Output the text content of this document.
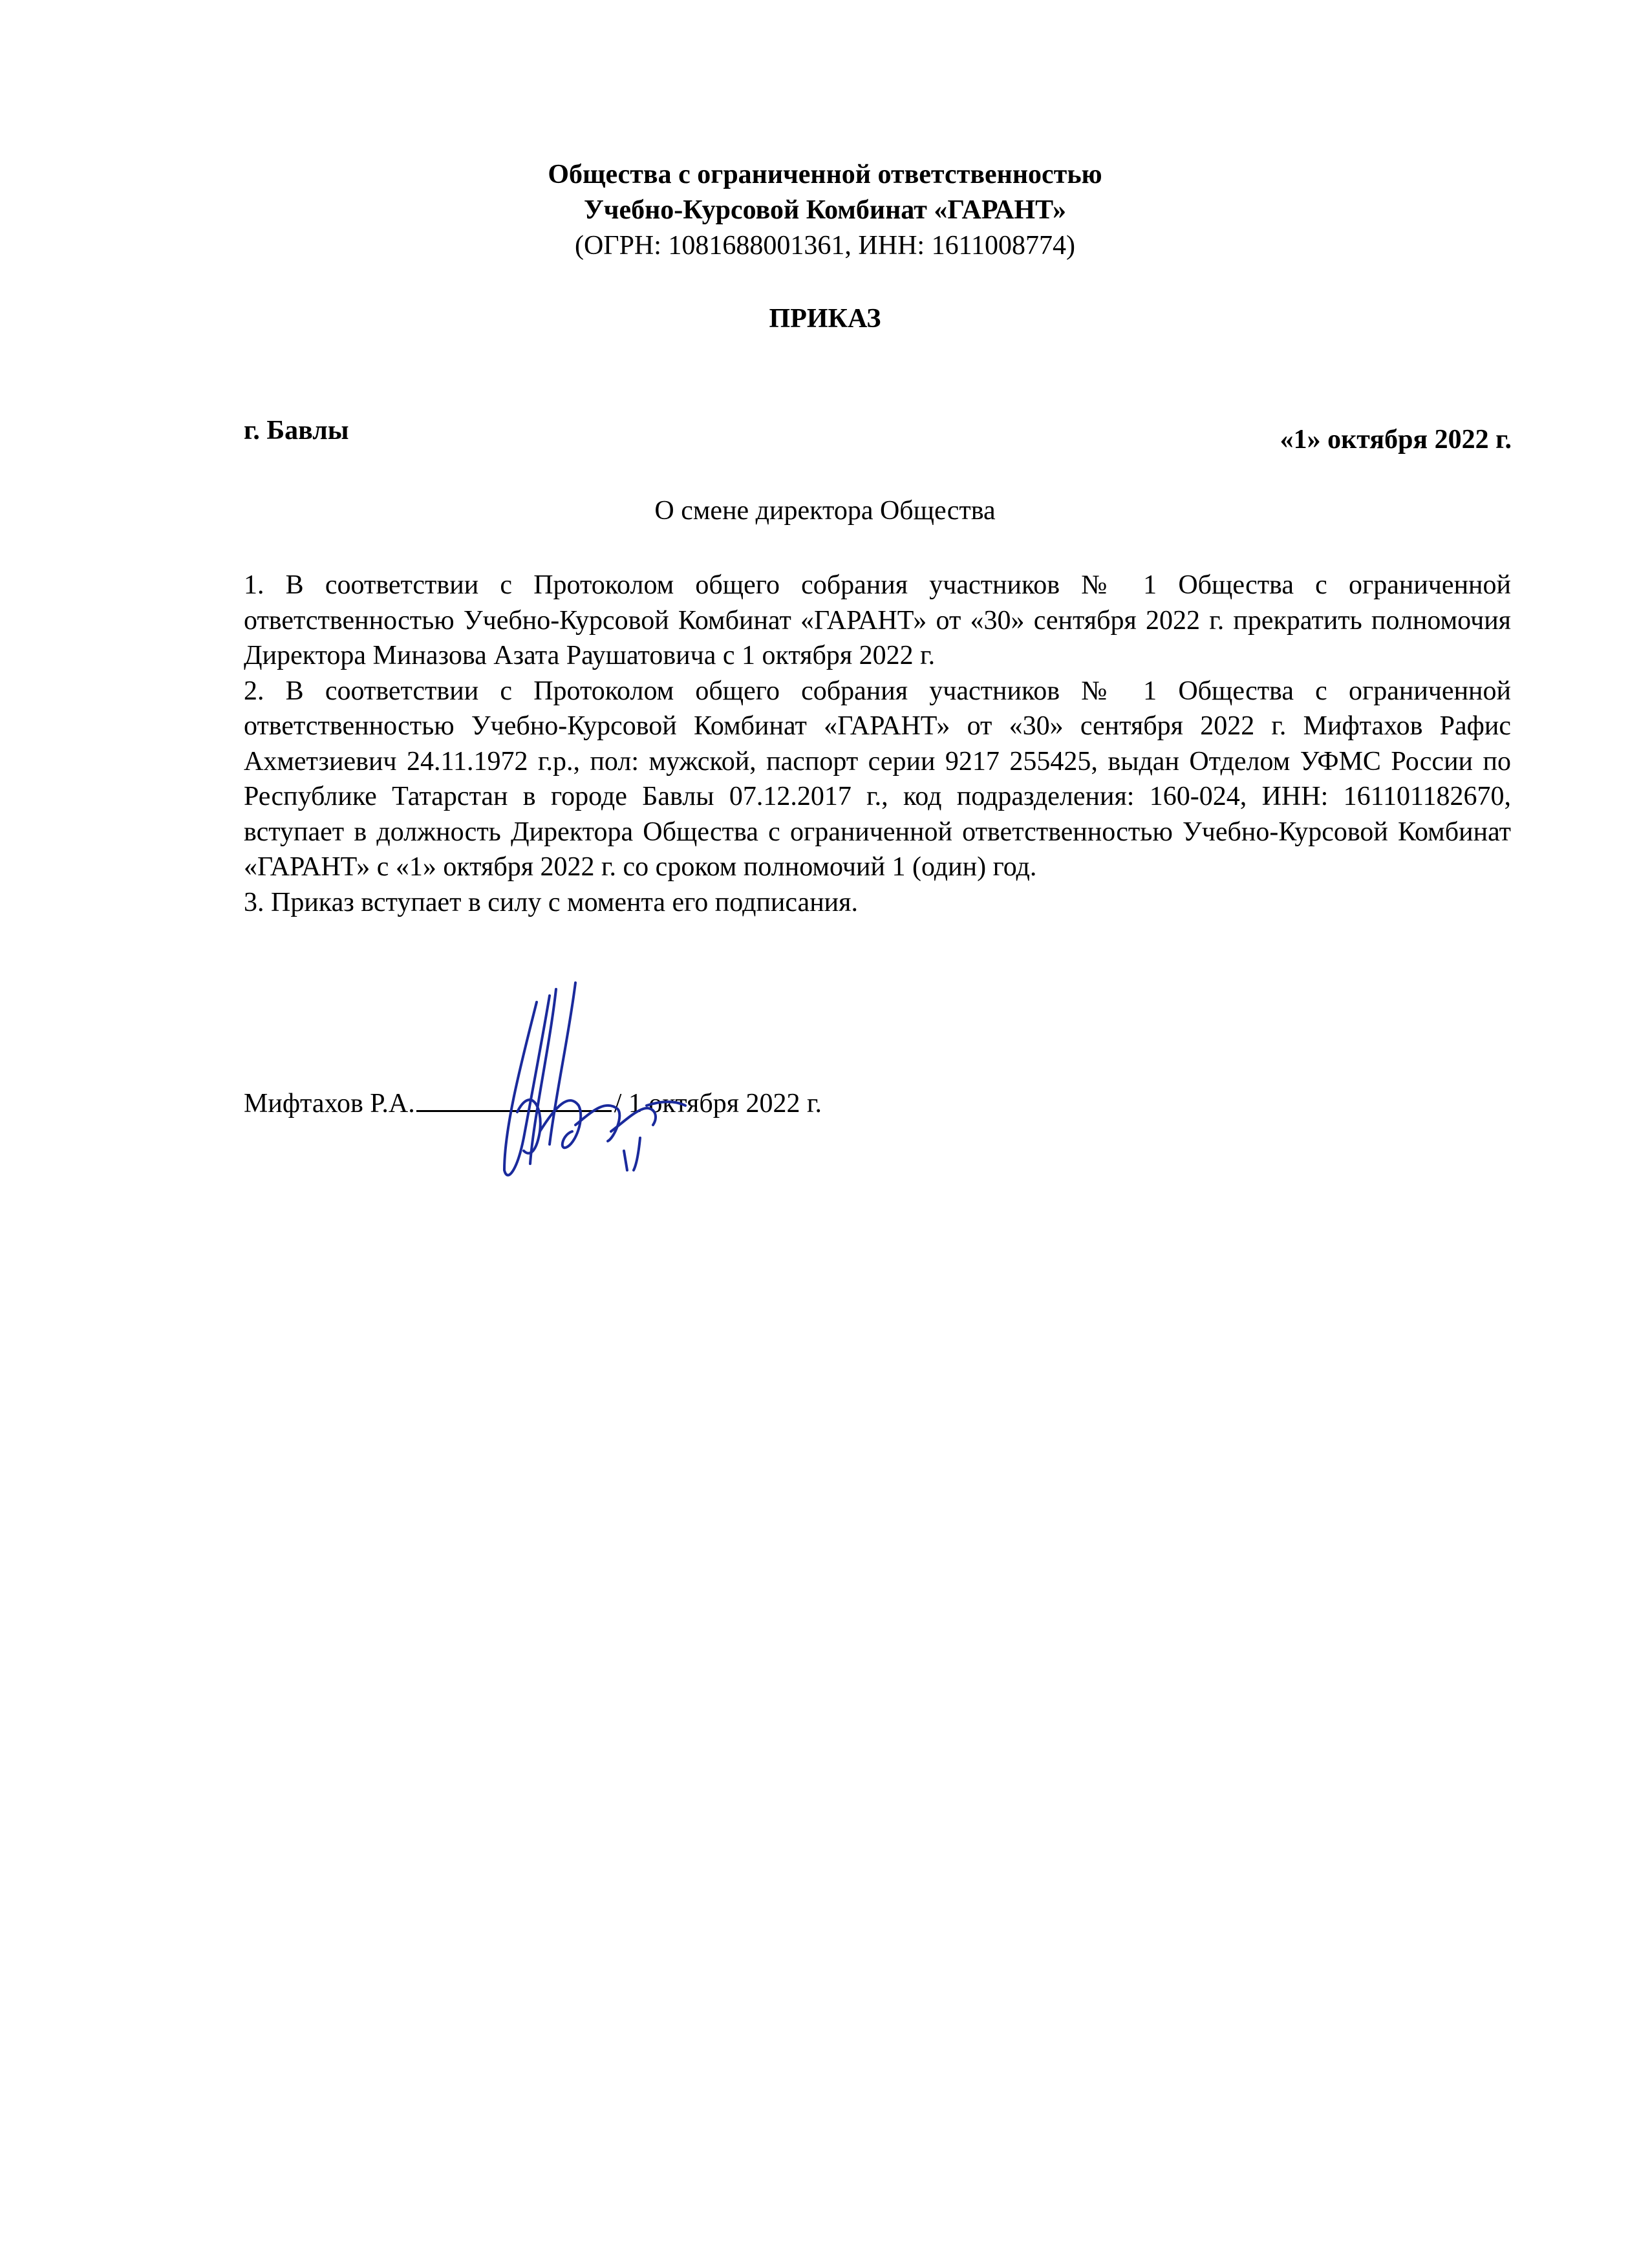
Общества с ограниченной ответственностью
Учебно-Курсовой Комбинат «ГАРАНТ»
(ОГРН: 1081688001361, ИНН: 1611008774)
ПРИКАЗ
г. Бавлы	«1» октября 2022 г.
О смене директора Общества

1. В соответствии с Протоколом общего собрания участников № 1 Общества с ограниченной ответственностью Учебно-Курсовой Комбинат «ГАРАНТ» от «30» сентября 2022 г. прекратить полномочия Директора Миназова Азата Раушатовича с 1 октября 2022 г.

2. В соответствии с Протоколом общего собрания участников № 1 Общества с ограниченной ответственностью Учебно-Курсовой Комбинат «ГАРАНТ» от «30» сентября 2022 г. Мифтахов Рафис Ахметзиевич 24.11.1972 г.р., пол: мужской, паспорт серии 9217 255425, выдан Отделом УФМС России по Республике Татарстан в городе Бавлы 07.12.2017 г., код подразделения: 160-024, ИНН: 161101182670, вступает в должность Директора Общества с ограниченной ответственностью Учебно-Курсовой Комбинат «ГАРАНТ» с «1» октября 2022 г. со сроком полномочий 1 (один) год.

3. Приказ вступает в силу с момента его подписания.

Мифтахов Р.А.	/ 1 октября 2022 г.
